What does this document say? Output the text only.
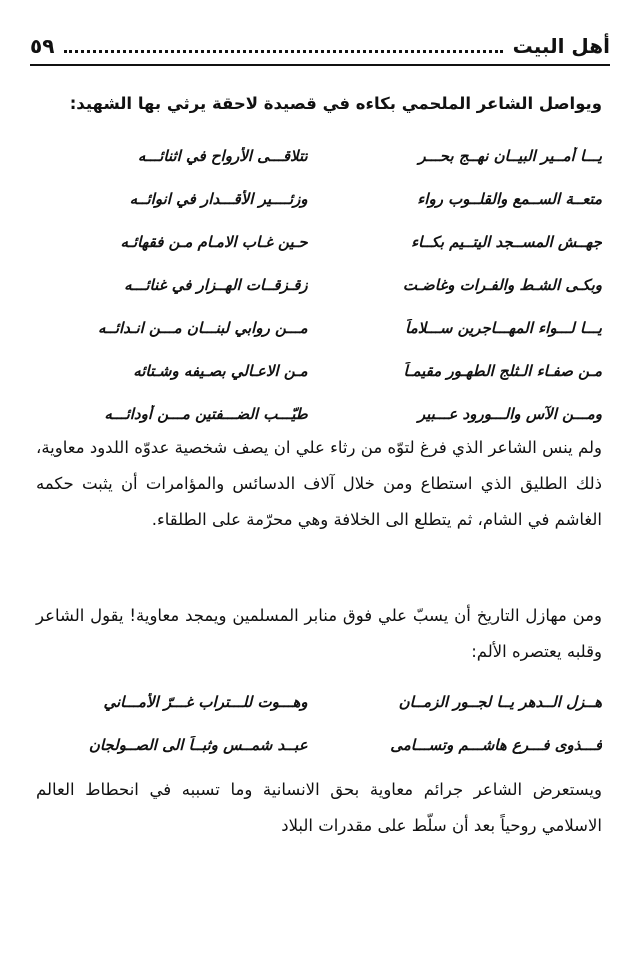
أهل البيت
٥٩
ويواصل الشاعر الملحمي بكاءه في قصيدة لاحقة يرثي بها الشهيد:
يـــا أمــير البيــان نهــج بحـــر
تتلاقـــى الأرواح في اثنائـــه
متعــة الســمع والقلــوب رواء
وزئــــير الأقـــدار في انوائــه
جهــش المســجد اليتــيم بكــاء
حـين غـاب الامـام مـن فقهائـه
وبكـى الشـط والفـرات وغاضـت
زقـزقــات الهــزار في غنائـــه
يـــا لـــواء المهـــاجرين ســـلاماً
مـــن روابي لبنـــان مـــن انـدائــه
مـن صفـاء الـثلج الطهـور مقيمـاً
مـن الاعـالي بصـيفه وشـتائه
ومـــن الآس والـــورود عـــبير
طيّـــب الضـــفتين مـــن أودائـــه
ولم ينس الشاعر الذي فرغ لتوّه من رثاء علي ان يصف شخصية عدوّه اللدود معاوية، ذلك الطليق الذي استطاع ومن خلال آلاف الدسائس والمؤامرات أن يثبت حكمه الغاشم في الشام، ثم يتطلع الى الخلافة وهي محرّمة على الطلقاء.
ومن مهازل التاريخ أن يسبّ علي فوق منابر المسلمين ويمجد معاوية! يقول الشاعر وقلبه يعتصره الألم:
هــزل الــدهر يــا لجــور الزمــان
وهـــوت للـــتراب غـــرّ الأمـــاني
فـــذوى فـــرع هاشـــم وتســـامى
عبــد شمــس وثبــاً الى الصــولجان
ويستعرض الشاعر جرائم معاوية بحق الانسانية وما تسببه في انحطاط العالم الاسلامي روحياً بعد أن سلّط على مقدرات البلاد
